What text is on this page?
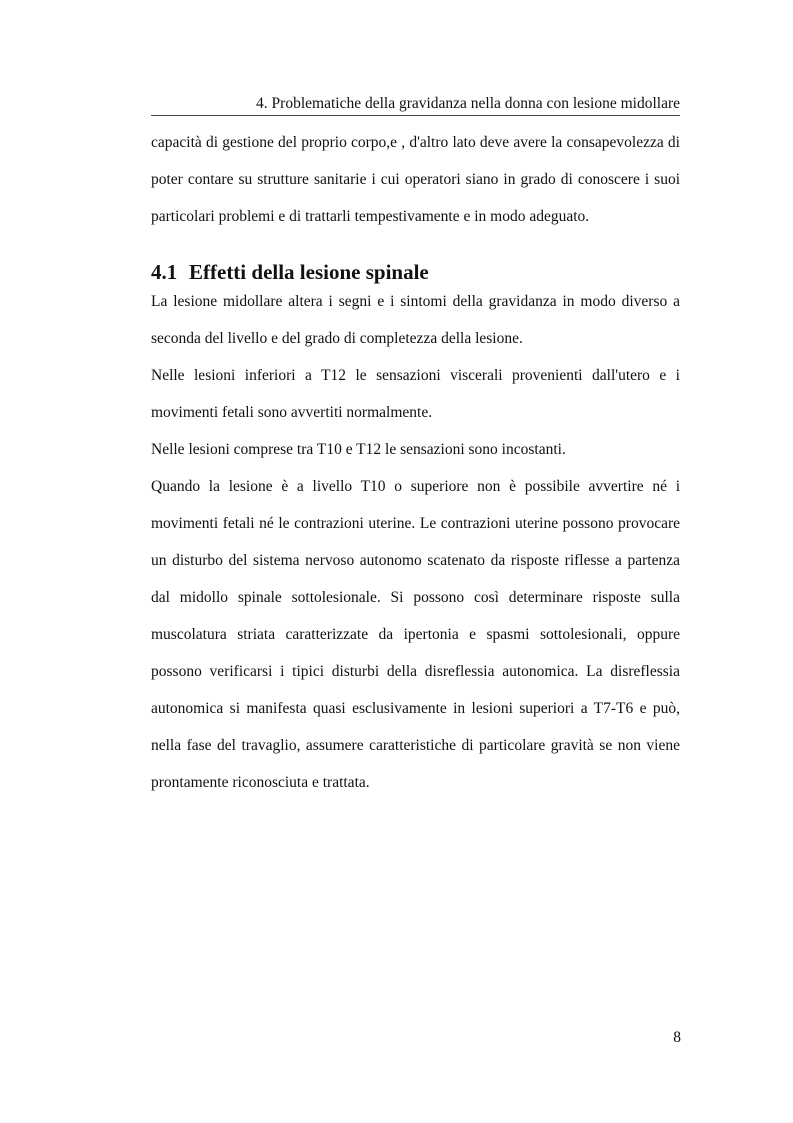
4. Problematiche della gravidanza nella donna con lesione midollare

capacità di gestione del proprio corpo,e , d'altro lato deve avere la consapevolezza di poter contare su strutture sanitarie i cui operatori siano in grado di conoscere i suoi particolari problemi e di trattarli tempestivamente e in modo adeguato.

4.1 Effetti della lesione spinale

La lesione midollare altera i segni e i sintomi della gravidanza in modo diverso a seconda del livello e del grado di completezza della lesione.

Nelle lesioni inferiori a T12 le sensazioni viscerali provenienti dall'utero e i movimenti fetali sono avvertiti normalmente.

Nelle lesioni comprese tra T10 e T12 le sensazioni sono incostanti.

Quando la lesione è a livello T10 o superiore non è possibile avvertire né i movimenti fetali né le contrazioni uterine. Le contrazioni uterine possono provocare un disturbo del sistema nervoso autonomo scatenato da risposte riflesse a partenza dal midollo spinale sottolesionale. Si possono così determinare risposte sulla muscolatura striata caratterizzate da ipertonia e spasmi sottolesionali, oppure possono verificarsi i tipici disturbi della disreflessia autonomica. La disreflessia autonomica si manifesta quasi esclusivamente in lesioni superiori a T7-T6 e può, nella fase del travaglio, assumere caratteristiche di particolare gravità se non viene prontamente riconosciuta e trattata.

8
